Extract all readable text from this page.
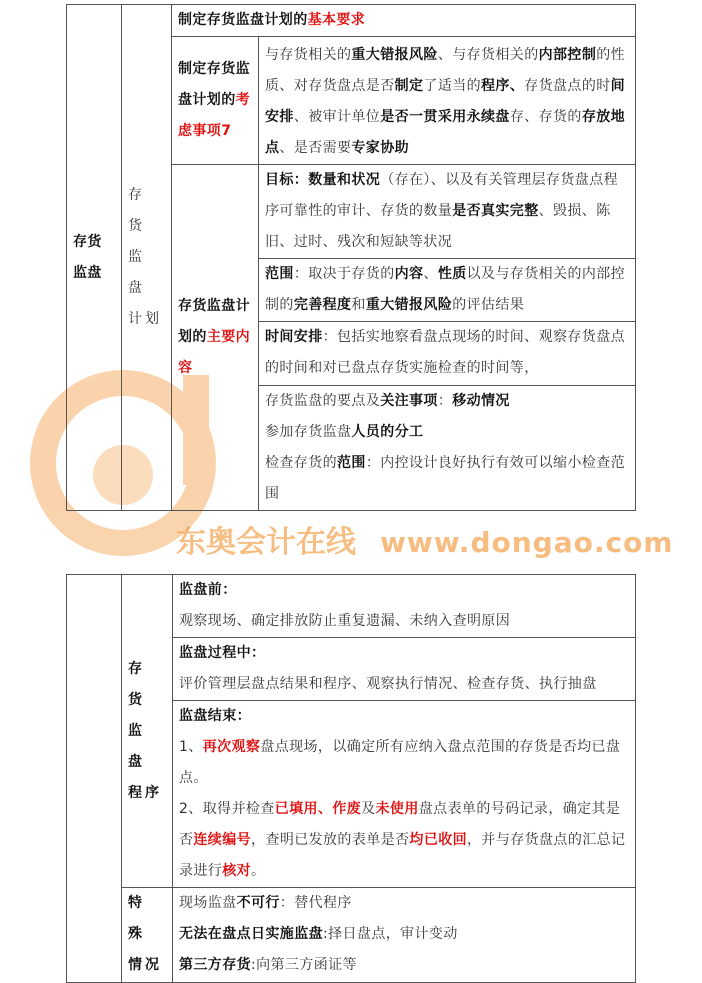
存货监盘	存 货 监 盘 计划	制定存货监盘计划的基本要求	
		制定存货监盘计划的考虑事项7	与存货相关的重大错报风险、与存货相关的内部控制的性质、对存货盘点是否制定了适当的程序、存货盘点的时间安排、被审计单位是否一贯采用永续盘存、存货的存放地点、是否需要专家协助
		存货监盘计划的主要内容	目标：数量和状况（存在）、以及有关管理层存货盘点程序可靠性的审计、存货的数量是否真实完整、毁损、陈旧、过时、残次和短缺等状况
			范围：取决于存货的内容、性质以及与存货相关的内部控制的完善程度和重大错报风险的评估结果
			时间安排：包括实地察看盘点现场的时间、观察存货盘点的时间和对已盘点存货实施检查的时间等，
			存货监盘的要点及关注事项：移动情况
参加存货监盘人员的分工
检查存货的范围：内控设计良好执行有效可以缩小检查范围
东奥会计在线 www.dongao.com
	存 货 监 盘 程序	监盘前：
观察现场、确定排放防止重复遗漏、未纳入查明原因
		监盘过程中：
评价管理层盘点结果和程序、观察执行情况、检查存货、执行抽盘
		监盘结束：
1、再次观察盘点现场，以确定所有应纳入盘点范围的存货是否均已盘点。
2、取得并检查已填用、作废及未使用盘点表单的号码记录，确定其是否连续编号，查明已发放的表单是否均已收回，并与存货盘点的汇总记录进行核对。
	特 殊 情况	现场监盘不可行：替代程序
无法在盘点日实施监盘:择日盘点，审计变动
第三方存货:向第三方函证等
